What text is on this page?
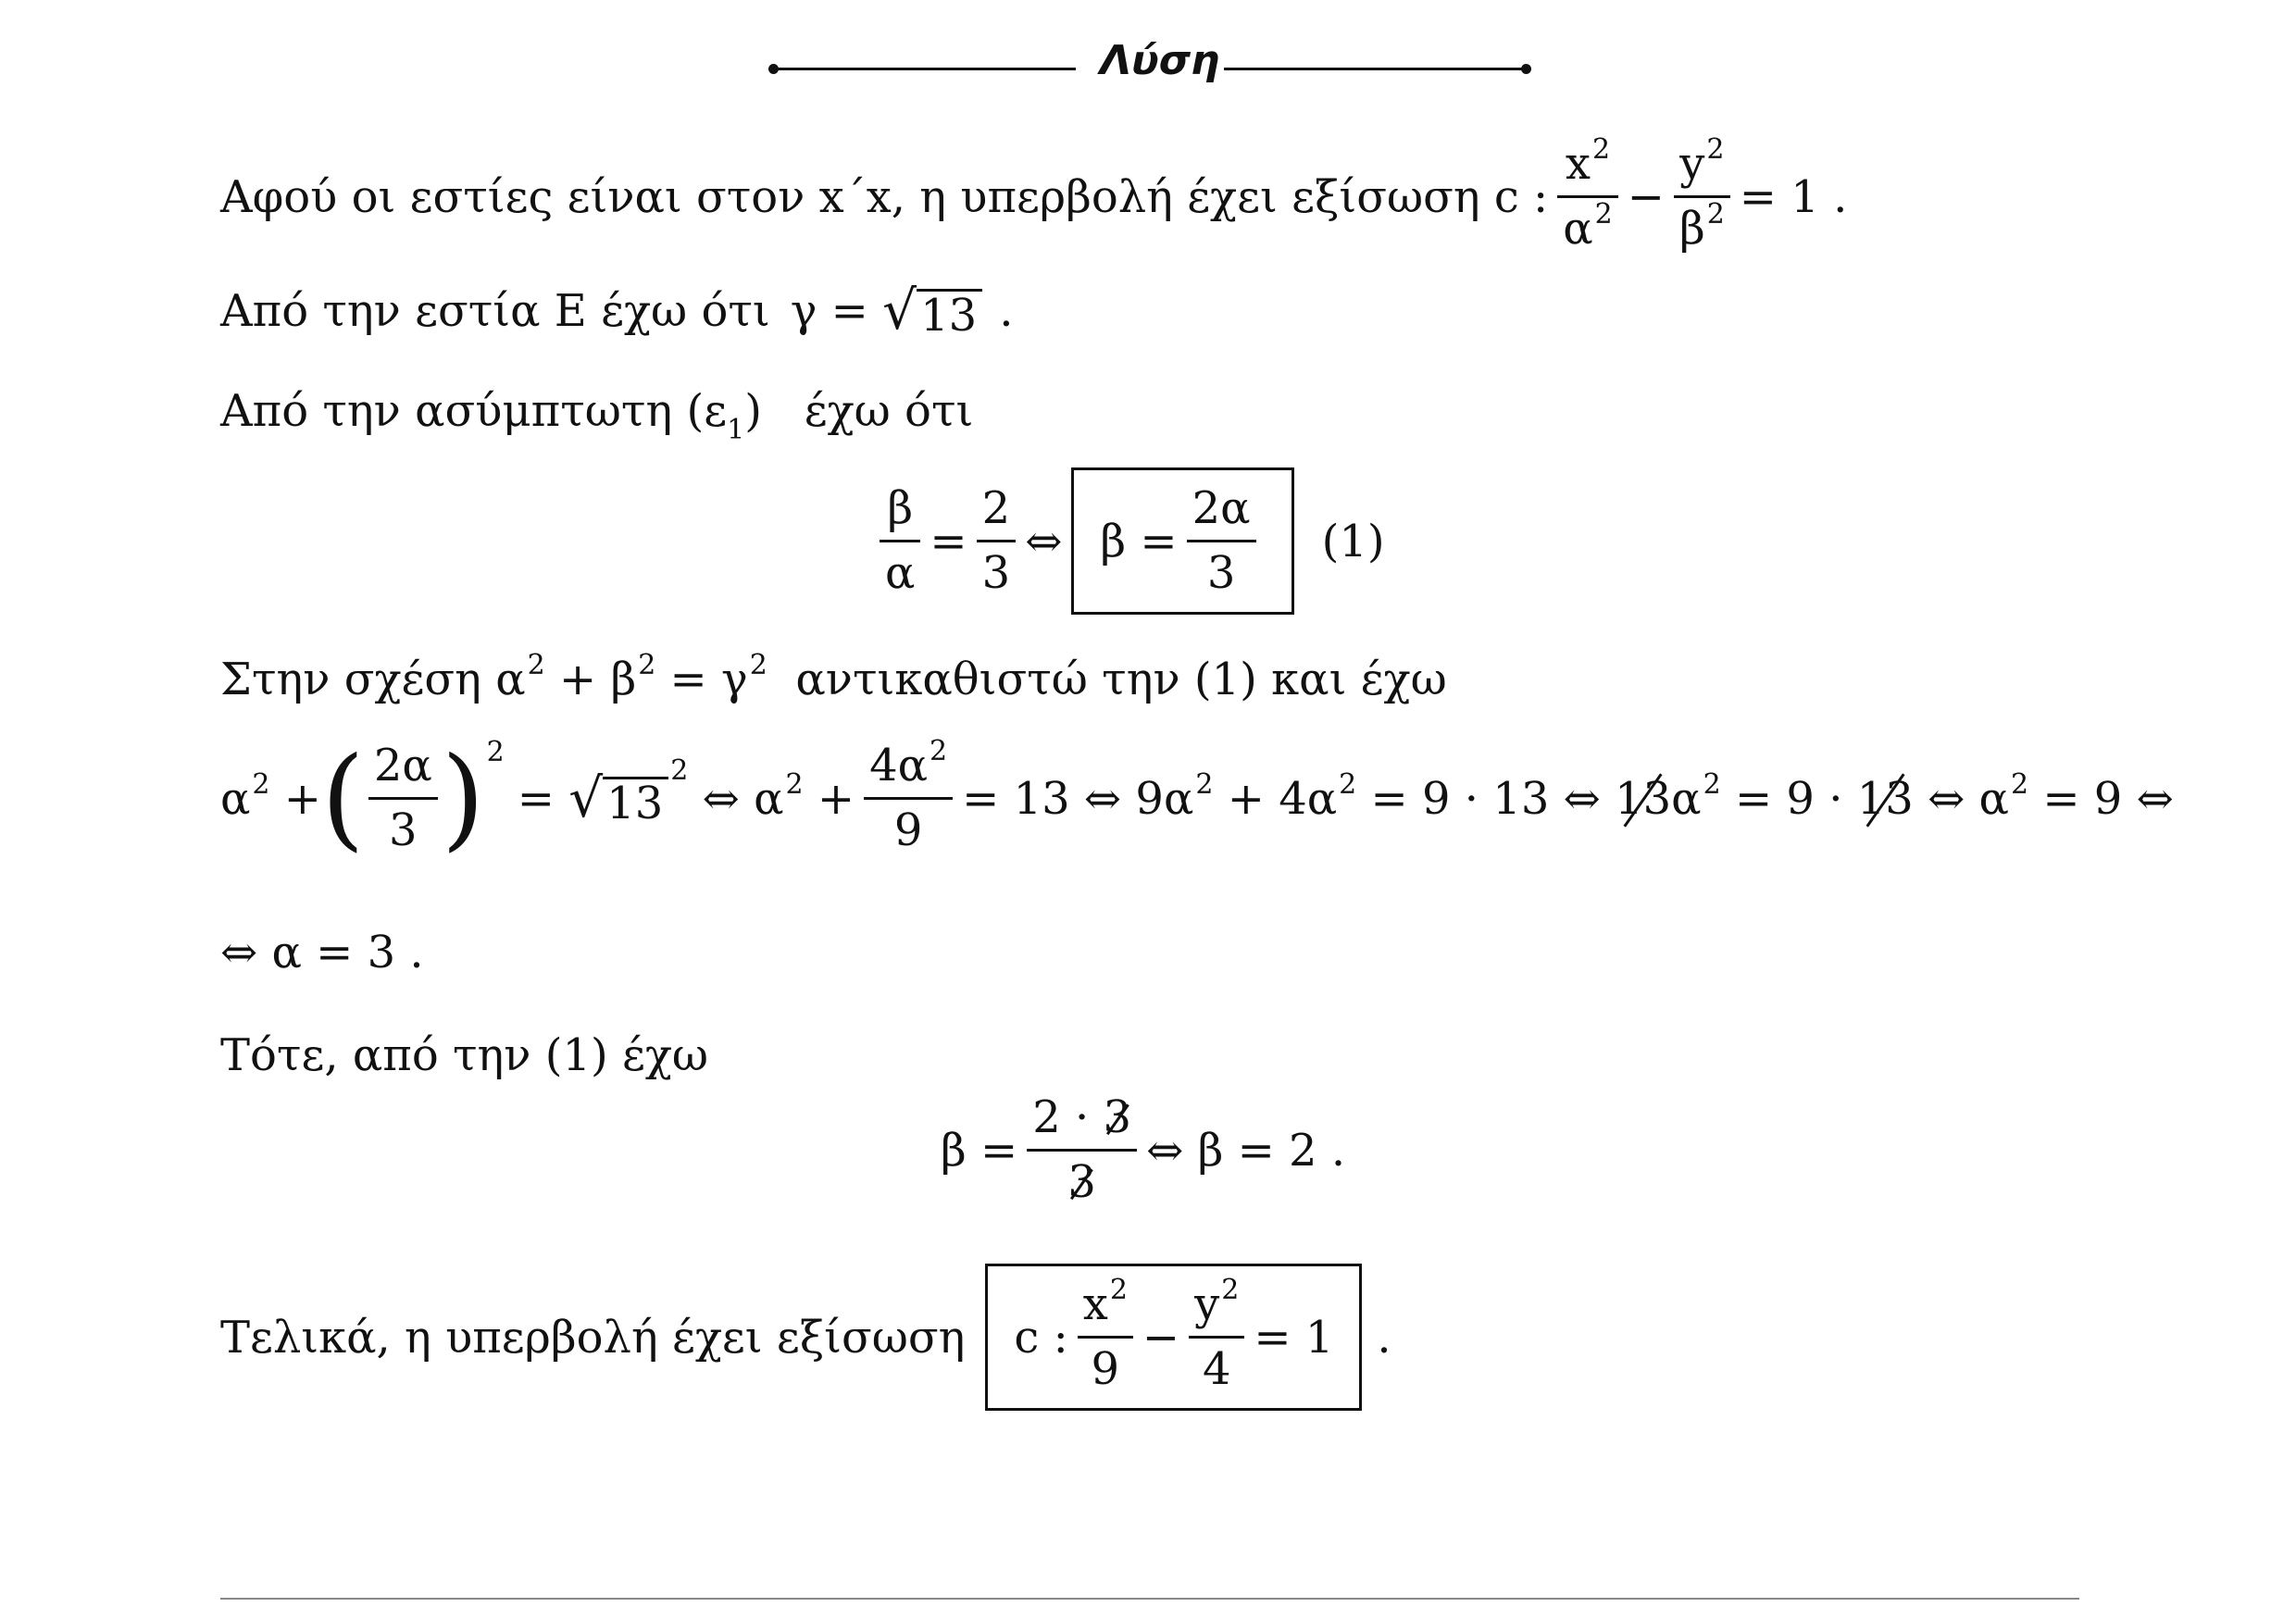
Λύση
Αφού οι εστίες είναι στον x΄x, η υπερβολή έχει εξίσωση c : $\frac{x^2}{\alpha^2} - \frac{y^2}{\beta^2} = 1$ .
Από την εστία Ε έχω ότι γ = √ 13 .
Από την ασύμπτωτη $(\varepsilon_1)$   έχω ότι
$\frac{\beta}{\alpha} = \frac{2}{3}$ ⇔ $\beta = \frac{2\alpha}{3} (1)$
Στην σχέση $\alpha^2 + \beta^2 = \gamma^2$ αντικαθιστώ την (1) και έχω
$\alpha^2$ + ( $\frac{2\alpha}{3}$ ) 2
= √ 13
2
⇔ $\alpha^2 + \frac{4\alpha^2}{9} = 13$ ⇔ $9\alpha^2 + 4\alpha^2 = 9 \cdot 13$ ⇔ 13 $\alpha^2 = 9 \cdot 13$ ⇔ $\alpha^2 = 9$ ⇔
⇔ α = 3 .
Τότε, από την (1) έχω
$\beta = \frac{2 \cdot 3}{3}$ ⇔ β = 2 .
Τελικά, η υπερβολή έχει εξίσωση	c : $\frac{x^2}{9} - \frac{y^2}{4} = 1$ .
